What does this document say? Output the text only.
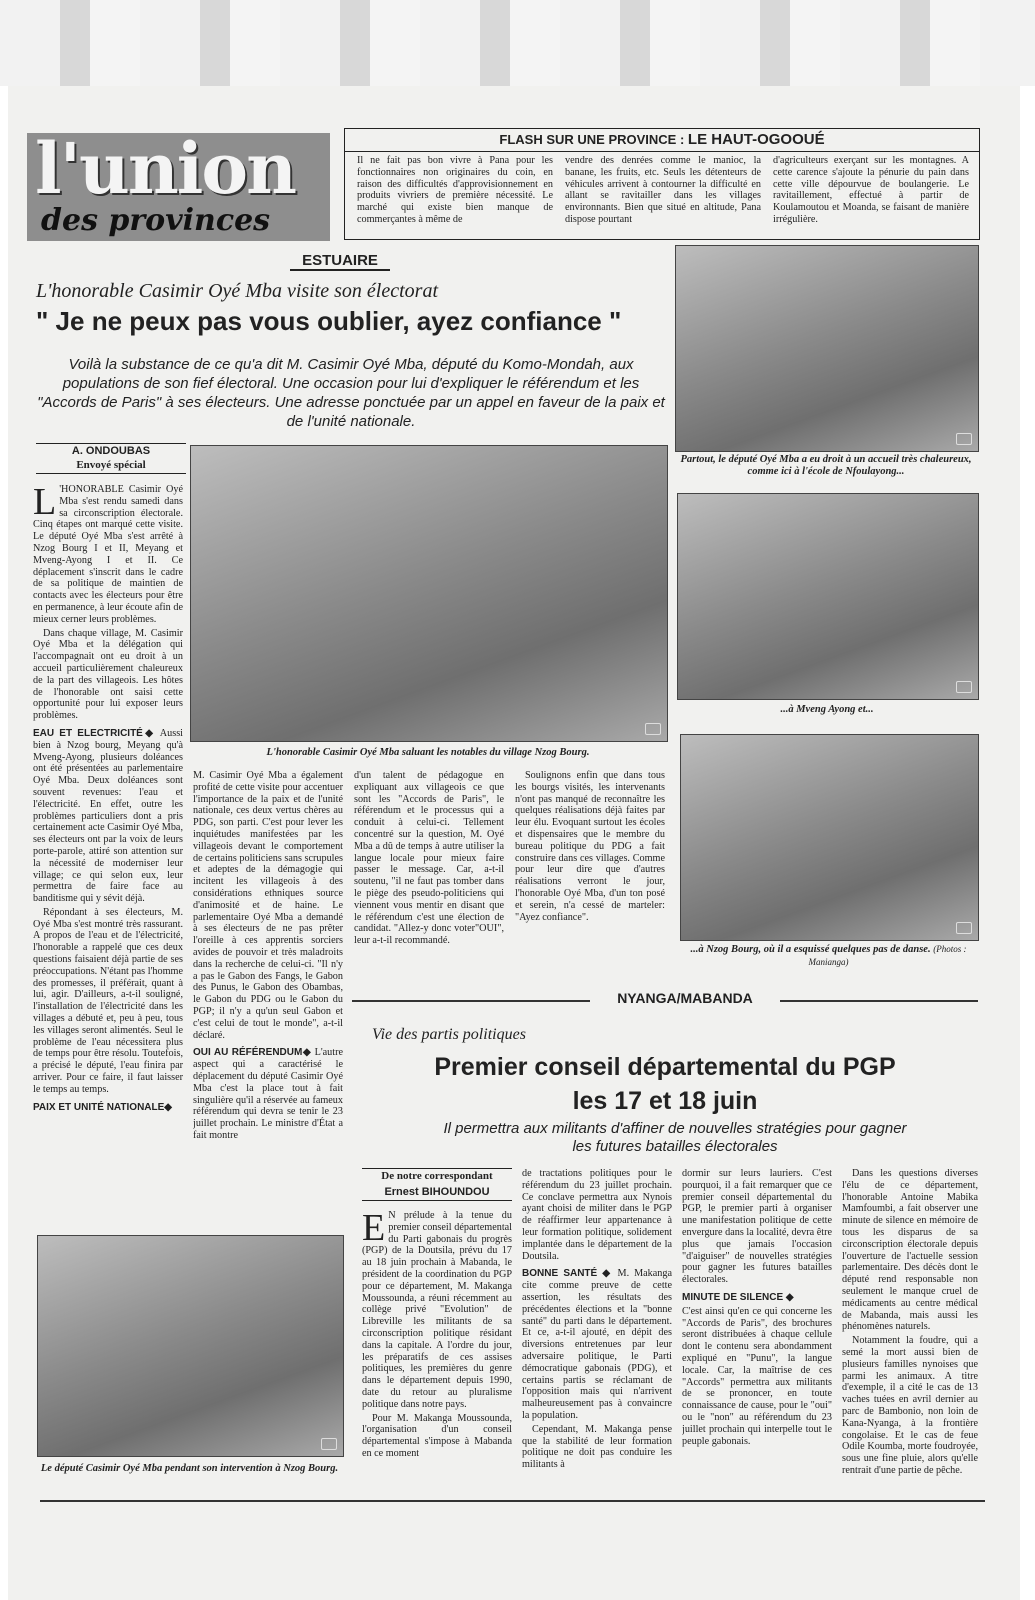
l'union
des provinces
FLASH SUR UNE PROVINCE : LE HAUT-OGOOUÉ
Il ne fait pas bon vivre à Pana pour les fonctionnaires non originaires du coin, en raison des difficultés d'approvisionnement en produits vivriers de première nécessité. Le marché qui existe bien manque de commerçantes à même de
vendre des denrées comme le manioc, la banane, les fruits, etc. Seuls les détenteurs de véhicules arrivent à contourner la difficulté en allant se ravitailler dans les villages environnants. Bien que situé en altitude, Pana dispose pourtant
d'agriculteurs exerçant sur les montagnes. A cette carence s'ajoute la pénurie du pain dans cette ville dépourvue de boulangerie. Le ravitaillement, effectué à partir de Koulamoutou et Moanda, se faisant de manière irrégulière.
ESTUAIRE
L'honorable Casimir Oyé Mba visite son électorat
" Je ne peux pas vous oublier, ayez confiance "
Voilà la substance de ce qu'a dit M. Casimir Oyé Mba, député du Komo-Mondah, aux populations de son fief électoral. Une occasion pour lui d'expliquer le référendum et les "Accords de Paris" à ses électeurs. Une adresse ponctuée par un appel en faveur de la paix et de l'unité nationale.
Partout, le député Oyé Mba a eu droit à un accueil très chaleureux, comme ici à l'école de Nfoulayong...
...à Mveng Ayong et...
...à Nzog Bourg, où il a esquissé quelques pas de danse. (Photos : Manianga)
A. ONDOUBAS
Envoyé spécial
L'honorable Casimir Oyé Mba saluant les notables du village Nzog Bourg.

L 'HONORABLE Casimir Oyé Mba s'est rendu samedi dans sa circonscription électorale. Cinq étapes ont marqué cette visite. Le député Oyé Mba s'est arrêté à Nzog Bourg I et II, Meyang et Mveng-Ayong I et II. Ce déplacement s'inscrit dans le cadre de sa politique de maintien de contacts avec les électeurs pour être en permanence, à leur écoute afin de mieux cerner leurs problèmes.

Dans chaque village, M. Casimir Oyé Mba et la délégation qui l'accompagnait ont eu droit à un accueil particulièrement chaleureux de la part des villageois. Les hôtes de l'honorable ont saisi cette opportunité pour lui exposer leurs problèmes.

EAU ET ELECTRICITÉ◆ Aussi bien à Nzog bourg, Meyang qu'à Mveng-Ayong, plusieurs doléances ont été présentées au parlementaire Oyé Mba. Deux doléances sont souvent revenues: l'eau et l'électricité. En effet, outre les problèmes particuliers dont a pris certainement acte Casimir Oyé Mba, ses électeurs ont par la voix de leurs porte-parole, attiré son attention sur la nécessité de moderniser leur village; ce qui selon eux, leur permettra de faire face au banditisme qui y sévit déjà.

Répondant à ses électeurs, M. Oyé Mba s'est montré très rassurant. A propos de l'eau et de l'électricité, l'honorable a rappelé que ces deux questions faisaient déjà partie de ses préoccupations. N'étant pas l'homme des promesses, il préférait, quant à lui, agir. D'ailleurs, a-t-il souligné, l'installation de l'électricité dans les villages a débuté et, peu à peu, tous les villages seront alimentés. Seul le problème de l'eau nécessitera plus de temps pour être résolu. Toutefois, a précisé le député, l'eau finira par arriver. Pour ce faire, il faut laisser le temps au temps.

PAIX ET UNITÉ NATIONALE◆

M. Casimir Oyé Mba a également profité de cette visite pour accentuer l'importance de la paix et de l'unité nationale, ces deux vertus chères au PDG, son parti. C'est pour lever les inquiétudes manifestées par les villageois devant le comportement de certains politiciens sans scrupules et adeptes de la démagogie qui incitent les villageois à des considérations ethniques source d'animosité et de haine. Le parlementaire Oyé Mba a demandé à ses électeurs de ne pas prêter l'oreille à ces apprentis sorciers avides de pouvoir et très maladroits dans la recherche de celui-ci. "Il n'y a pas le Gabon des Fangs, le Gabon des Punus, le Gabon des Obambas, le Gabon du PDG ou le Gabon du PGP; il n'y a qu'un seul Gabon et c'est celui de tout le monde", a-t-il déclaré.

OUI AU RÉFÉRENDUM◆ L'autre aspect qui a caractérisé le déplacement du député Casimir Oyé Mba c'est la place tout à fait singulière qu'il a réservée au fameux référendum qui devra se tenir le 23 juillet prochain. Le ministre d'État a fait montre

d'un talent de pédagogue en expliquant aux villageois ce que sont les "Accords de Paris", le référendum et le processus qui a conduit à celui-ci. Tellement concentré sur la question, M. Oyé Mba a dû de temps à autre utiliser la langue locale pour mieux faire passer le message. Car, a-t-il soutenu, "il ne faut pas tomber dans le piège des pseudo-politiciens qui viennent vous mentir en disant que le référendum c'est une élection de candidat. "Allez-y donc voter"OUI", leur a-t-il recommandé.

Soulignons enfin que dans tous les bourgs visités, les intervenants n'ont pas manqué de reconnaître les quelques réalisations déjà faites par leur élu. Evoquant surtout les écoles et dispensaires que le membre du bureau politique du PDG a fait construire dans ces villages. Comme pour leur dire que d'autres réalisations verront le jour, l'honorable Oyé Mba, d'un ton posé et serein, n'a cessé de marteler: "Ayez confiance".

Le député Casimir Oyé Mba pendant son intervention à Nzog Bourg.
NYANGA/MABANDA
Vie des partis politiques
Premier conseil départemental du PGP
les 17 et 18 juin
Il permettra aux militants d'affiner de nouvelles stratégies pour gagner les futures batailles électorales
De notre correspondant
Ernest BIHOUNDOU

E N prélude à la tenue du premier conseil départemental du Parti gabonais du progrès (PGP) de la Doutsila, prévu du 17 au 18 juin prochain à Mabanda, le président de la coordination du PGP pour ce département, M. Makanga Moussounda, a réuni récemment au collège privé "Evolution" de Libreville les militants de sa circonscription politique résidant dans la capitale. A l'ordre du jour, les préparatifs de ces assises politiques, les premières du genre dans le département depuis 1990, date du retour au pluralisme politique dans notre pays.

Pour M. Makanga Moussounda, l'organisation d'un conseil départemental s'impose à Mabanda en ce moment

de tractations politiques pour le référendum du 23 juillet prochain. Ce conclave permettra aux Nynois ayant choisi de militer dans le PGP de réaffirmer leur appartenance à leur formation politique, solidement implantée dans le département de la Doutsila.

BONNE SANTÉ ◆ M. Makanga cite comme preuve de cette assertion, les résultats des précédentes élections et la "bonne santé" du parti dans le département. Et ce, a-t-il ajouté, en dépit des diversions entretenues par leur adversaire politique, le Parti démocratique gabonais (PDG), et certains partis se réclamant de l'opposition mais qui n'arrivent malheureusement pas à convaincre la population.

Cependant, M. Makanga pense que la stabilité de leur formation politique ne doit pas conduire les militants à

dormir sur leurs lauriers. C'est pourquoi, il a fait remarquer que ce premier conseil départemental du PGP, le premier parti à organiser une manifestation politique de cette envergure dans la localité, devra être plus que jamais l'occasion "d'aiguiser" de nouvelles stratégies pour gagner les futures batailles électorales.

MINUTE DE SILENCE ◆

C'est ainsi qu'en ce qui concerne les "Accords de Paris", des brochures seront distribuées à chaque cellule dont le contenu sera abondamment expliqué en "Punu", la langue locale. Car, la maîtrise de ces "Accords" permettra aux militants de se prononcer, en toute connaissance de cause, pour le "oui" ou le "non" au référendum du 23 juillet prochain qui interpelle tout le peuple gabonais.

Dans les questions diverses l'élu de ce département, l'honorable Antoine Mabika Mamfoumbi, a fait observer une minute de silence en mémoire de tous les disparus de sa circonscription électorale depuis l'ouverture de l'actuelle session parlementaire. Des décès dont le député rend responsable non seulement le manque cruel de médicaments au centre médical de Mabanda, mais aussi les phénomènes naturels.

Notamment la foudre, qui a semé la mort aussi bien de plusieurs familles nynoises que parmi les animaux. A titre d'exemple, il a cité le cas de 13 vaches tuées en avril dernier au parc de Bambonio, non loin de Kana-Nyanga, à la frontière congolaise. Et le cas de feue Odile Koumba, morte foudroyée, sous une fine pluie, alors qu'elle rentrait d'une partie de pêche.
